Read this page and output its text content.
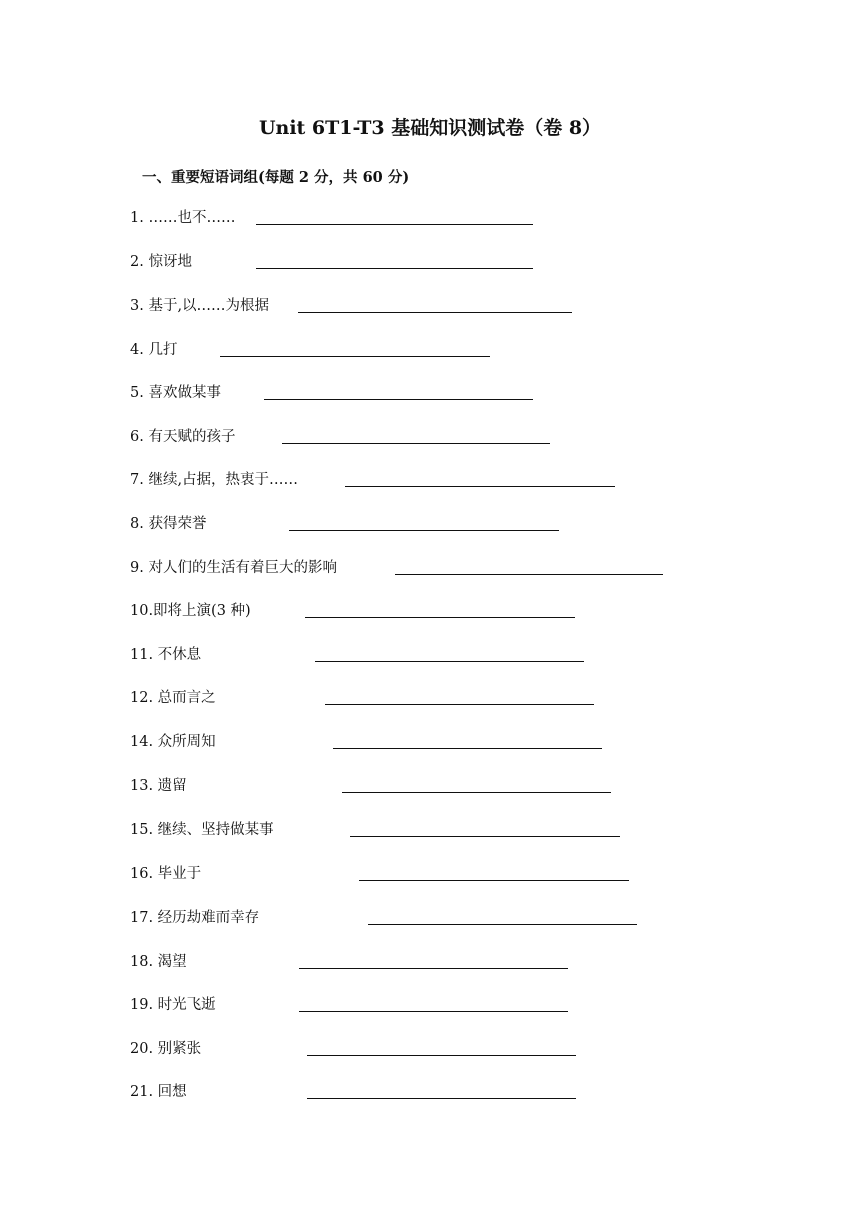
Unit 6T1-T3 基础知识测试卷（卷 8）
一、重要短语词组(每题 2 分，共 60 分)
1. ……也不……
2. 惊讶地
3. 基于,以……为根据
4. 几打
5. 喜欢做某事
6. 有天赋的孩子
7. 继续,占据，热衷于……
8. 获得荣誉
9. 对人们的生活有着巨大的影响
10.即将上演(3 种)
11. 不休息
12. 总而言之
14. 众所周知
13. 遗留
15. 继续、坚持做某事
16. 毕业于
17. 经历劫难而幸存
18. 渴望
19. 时光飞逝
20. 别紧张
21. 回想
